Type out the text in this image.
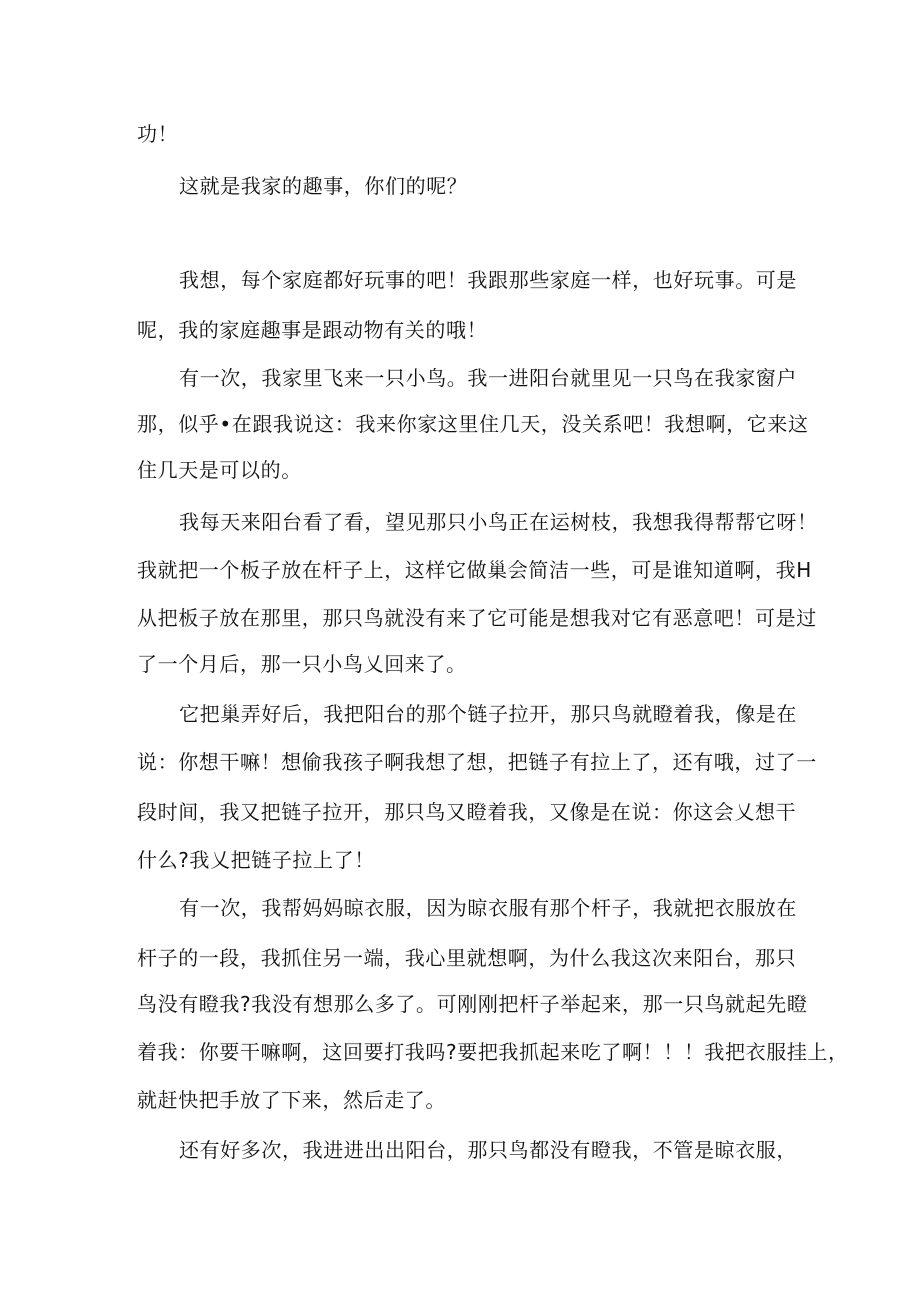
功！
这就是我家的趣事，你们的呢？
我想，每个家庭都好玩事的吧！我跟那些家庭一样，也好玩事。可是
呢，我的家庭趣事是跟动物有关的哦！
有一次，我家里飞来一只小鸟。我一进阳台就里见一只鸟在我家窗户
那，似乎•在跟我说这：我来你家这里住几天，没关系吧！我想啊，它来这
住几天是可以的。
我每天来阳台看了看，望见那只小鸟正在运树枝，我想我得帮帮它呀！
我就把一个板子放在杆子上，这样它做巢会简洁一些，可是谁知道啊，我H
从把板子放在那里，那只鸟就没有来了它可能是想我对它有恶意吧！可是过
了一个月后，那一只小鸟乂回来了。
它把巢弄好后，我把阳台的那个链子拉开，那只鸟就瞪着我，像是在
说：你想干嘛！想偷我孩子啊我想了想，把链子有拉上了，还有哦，过了一
段时间，我又把链子拉开，那只鸟又瞪着我，又像是在说：你这会乂想干
什么?我乂把链子拉上了！
有一次，我帮妈妈晾衣服，因为晾衣服有那个杆子，我就把衣服放在
杆子的一段，我抓住另一端，我心里就想啊，为什么我这次来阳台，那只
鸟没有瞪我?我没有想那么多了。可刚刚把杆子举起来，那一只鸟就起先瞪
着我：你要干嘛啊，这回要打我吗?要把我抓起来吃了啊！！！我把衣服挂上，
就赶快把手放了下来，然后走了。
还有好多次，我进进出出阳台，那只鸟都没有瞪我，不管是晾衣服，
